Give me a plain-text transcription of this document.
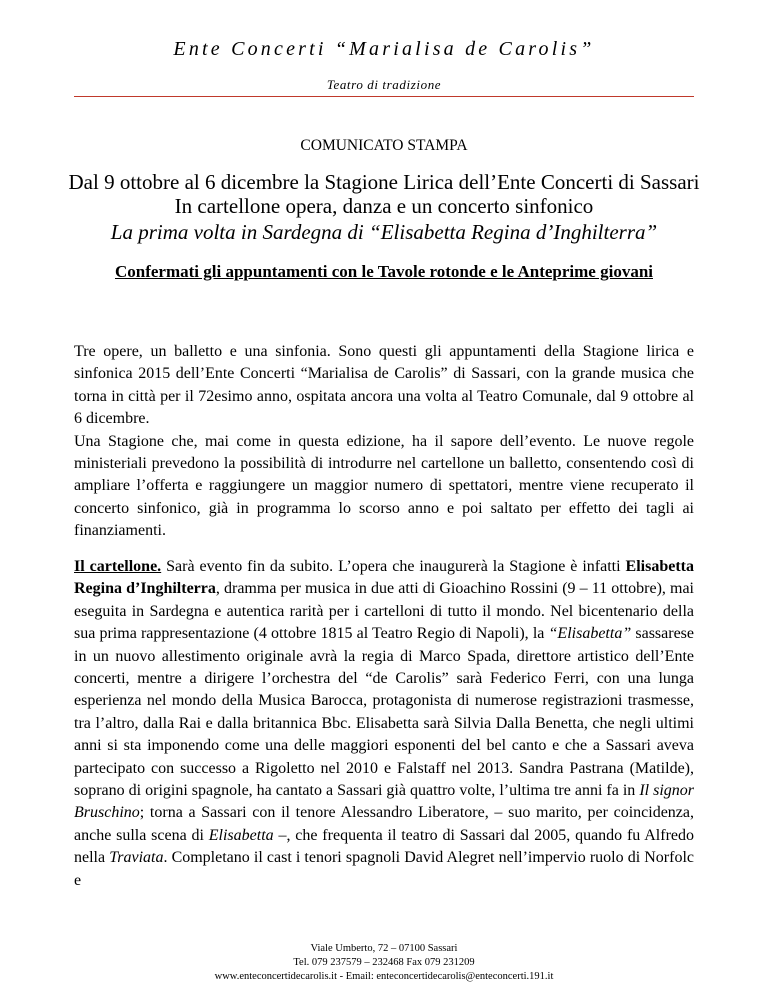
Ente Concerti “Marialisa de Carolis”
Teatro di tradizione
COMUNICATO STAMPA
Dal 9 ottobre al 6 dicembre la Stagione Lirica dell’Ente Concerti di Sassari
In cartellone opera, danza e un concerto sinfonico
La prima volta in Sardegna di “Elisabetta Regina d’Inghilterra”
Confermati gli appuntamenti con le Tavole rotonde e le Anteprime giovani

Tre opere, un balletto e una sinfonia. Sono questi gli appuntamenti della Stagione lirica e sinfonica 2015 dell’Ente Concerti “Marialisa de Carolis” di Sassari, con la grande musica che torna in città per il 72esimo anno, ospitata ancora una volta al Teatro Comunale, dal 9 ottobre al 6 dicembre.

Una Stagione che, mai come in questa edizione, ha il sapore dell’evento. Le nuove regole ministeriali prevedono la possibilità di introdurre nel cartellone un balletto, consentendo così di ampliare l’offerta e raggiungere un maggior numero di spettatori, mentre viene recuperato il concerto sinfonico, già in programma lo scorso anno e poi saltato per effetto dei tagli ai finanziamenti.

Il cartellone. Sarà evento fin da subito. L’opera che inaugurerà la Stagione è infatti Elisabetta Regina d’Inghilterra, dramma per musica in due atti di Gioachino Rossini (9 – 11 ottobre), mai eseguita in Sardegna e autentica rarità per i cartelloni di tutto il mondo. Nel bicentenario della sua prima rappresentazione (4 ottobre 1815 al Teatro Regio di Napoli), la “Elisabetta” sassarese in un nuovo allestimento originale avrà la regia di Marco Spada, direttore artistico dell’Ente concerti, mentre a dirigere l’orchestra del “de Carolis” sarà Federico Ferri, con una lunga esperienza nel mondo della Musica Barocca, protagonista di numerose registrazioni trasmesse, tra l’altro, dalla Rai e dalla britannica Bbc. Elisabetta sarà Silvia Dalla Benetta, che negli ultimi anni si sta imponendo come una delle maggiori esponenti del bel canto e che a Sassari aveva partecipato con successo a Rigoletto nel 2010 e Falstaff nel 2013. Sandra Pastrana (Matilde), soprano di origini spagnole, ha cantato a Sassari già quattro volte, l’ultima tre anni fa in Il signor Bruschino; torna a Sassari con il tenore Alessandro Liberatore, – suo marito, per coincidenza, anche sulla scena di Elisabetta –, che frequenta il teatro di Sassari dal 2005, quando fu Alfredo nella Traviata. Completano il cast i tenori spagnoli David Alegret nell’impervio ruolo di Norfolc e

Viale Umberto, 72 – 07100 Sassari
Tel. 079 237579 – 232468 Fax 079 231209
www.enteconcertidecarolis.it - Email: enteconcertidecarolis@enteconcerti.191.it
